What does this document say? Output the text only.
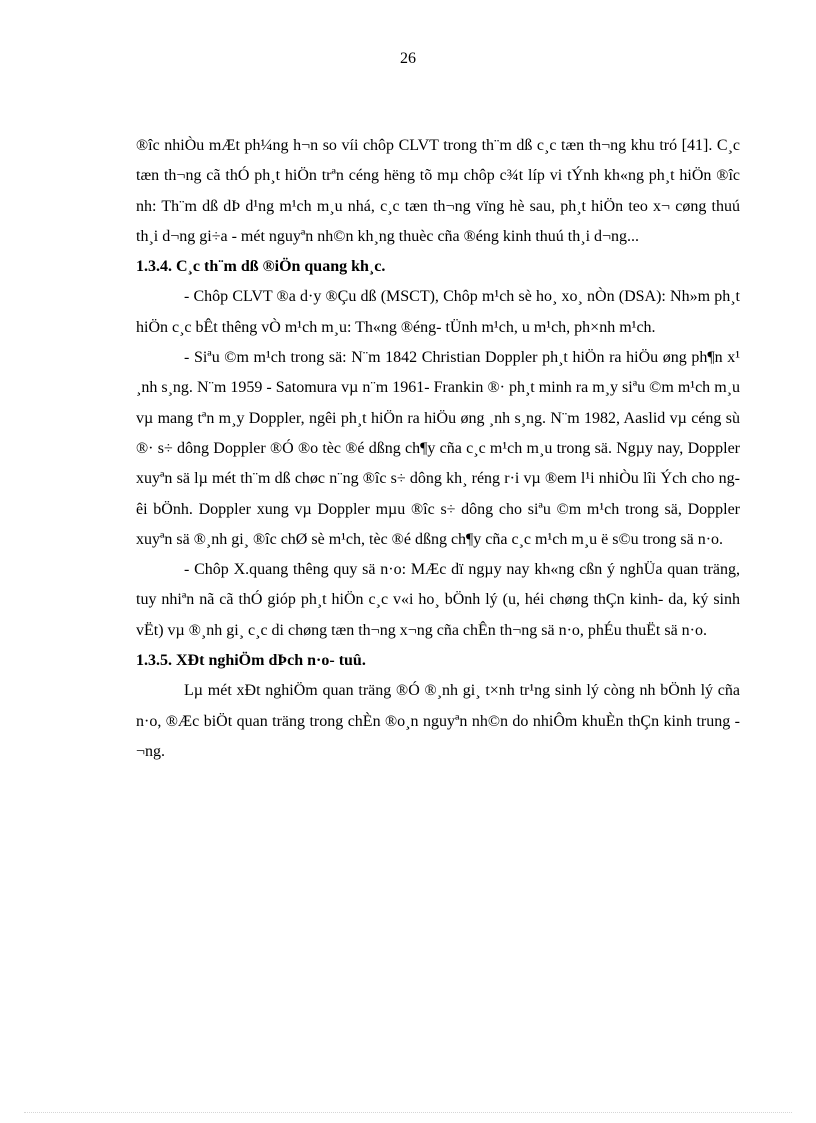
26

®îc nhiÒu mÆt ph¼ng h¬n so víi chôp CLVT trong th¨m dß c¸c tæn th¬ng khu tró [41]. C¸c tæn th¬ng cã thÓ ph¸t hiÖn trªn céng hëng tõ mµ chôp c¾t líp vi tÝnh kh«ng ph¸t hiÖn ®îc nh: Th¨m dß dÞ d¹ng m¹ch m¸u nhá, c¸c tæn th¬ng vïng hè sau, ph¸t hiÖn teo x¬ cøng thuú th¸i d¬ng gi÷a - mét nguyªn nh©n kh¸ng thuèc cña ®éng kinh thuú th¸i d¬ng...

1.3.4. C¸c th¨m dß ®iÖn quang kh¸c.

- Chôp CLVT ®a d·y ®Çu dß (MSCT), Chôp m¹ch sè ho¸ xo¸ nÒn (DSA): Nh»m ph¸t hiÖn c¸c bÊt thêng vÒ m¹ch m¸u: Th«ng ®éng- tÜnh m¹ch, u m¹ch, ph×nh m¹ch.

- Siªu ©m m¹ch trong sä: N¨m 1842 Christian Doppler ph¸t hiÖn ra hiÖu øng ph¶n x¹ ¸nh s¸ng. N¨m 1959 - Satomura vµ n¨m 1961- Frankin ®· ph¸t minh ra m¸y siªu ©m m¹ch m¸u vµ mang tªn m¸y Doppler, ngêi ph¸t hiÖn ra hiÖu øng ¸nh s¸ng. N¨m 1982, Aaslid vµ céng sù ®· s÷ dông Doppler ®Ó ®o tèc ®é dßng ch¶y cña c¸c m¹ch m¸u trong sä. Ngµy nay, Doppler xuyªn sä lµ mét th¨m dß chøc n¨ng ®îc s÷ dông kh¸ réng r·i vµ ®em l¹i nhiÒu lîi Ých cho ngêi bÖnh. Doppler xung vµ Doppler mµu ®îc s÷ dông cho siªu ©m m¹ch trong sä, Doppler xuyªn sä ®¸nh gi¸ ®îc chØ sè m¹ch, tèc ®é dßng ch¶y cña c¸c m¹ch m¸u ë s©u trong sä n·o.

- Chôp X.quang thêng quy sä n·o: MÆc dï ngµy nay kh«ng cßn ý nghÜa quan träng, tuy nhiªn nã cã thÓ gióp ph¸t hiÖn c¸c v«i ho¸ bÖnh lý (u, héi chøng thÇn kinh- da, ký sinh vËt) vµ ®¸nh gi¸ c¸c di chøng tæn th¬ng x¬ng cña chÊn th¬ng sä n·o, phÉu thuËt sä n·o.

1.3.5. XÐt nghiÖm dÞch n·o- tuû.

Lµ mét xÐt nghiÖm quan träng ®Ó ®¸nh gi¸ t×nh tr¹ng sinh lý còng nh bÖnh lý cña n·o, ®Æc biÖt quan träng trong chÈn ®o¸n nguyªn nh©n do nhiÔm khuÈn thÇn kinh trung ¬ng.
